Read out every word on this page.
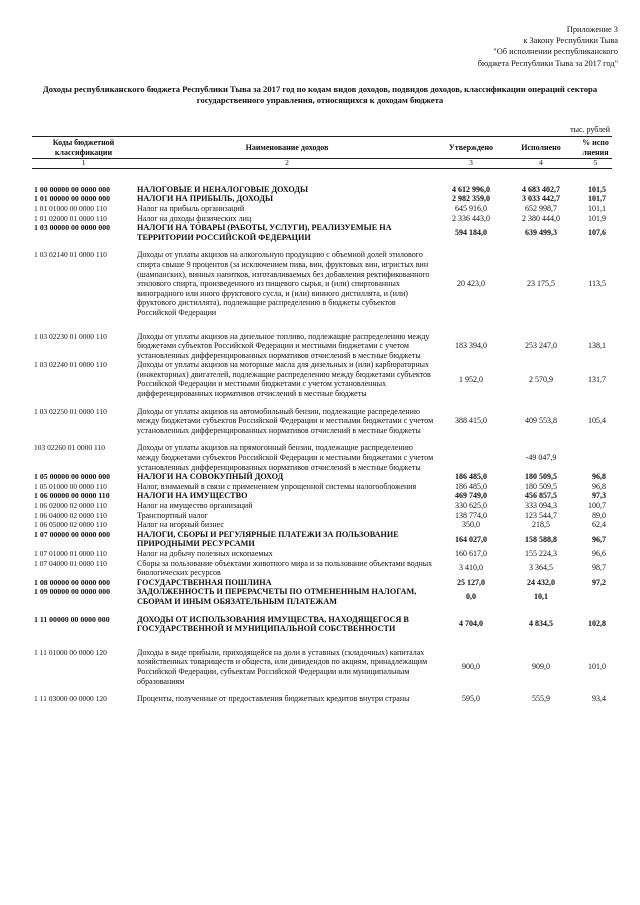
Приложение 3
к Закону Республики Тыва
"Об исполнении республиканского
бюджета Республики Тыва за 2017 год"
Доходы республиканского бюджета Республики Тыва за 2017 год по кодам видов доходов, подвидов доходов, классификации операций сектора государственного управления, относящихся к доходам бюджета
тыс. рублей
Коды бюджетной классификации	Наименование доходов	Утверждено	Исполнено	% исполнения
1	2	3	4	5

1 00 00000 00 0000 000	НАЛОГОВЫЕ И НЕНАЛОГОВЫЕ ДОХОДЫ	4 612 996,0	4 683 402,7	101,5
1 01 00000 00 0000 000	НАЛОГИ НА ПРИБЫЛЬ, ДОХОДЫ	2 982 359,0	3 033 442,7	101,7
1 01 01000 00 0000 110	Налог на прибыль организаций	645 916,0	652 998,7	101,1
1 01 02000 01 0000 110	Налог на доходы физических лиц	2 336 443,0	2 380 444,0	101,9
1 03 00000 00 0000 000	НАЛОГИ НА ТОВАРЫ (РАБОТЫ, УСЛУГИ), РЕАЛИЗУЕМЫЕ НА ТЕРРИТОРИИ РОССИЙСКОЙ ФЕДЕРАЦИИ	594 184,0	639 499,3	107,6
1 03 02140 01 0000 110	Доходы от уплаты акцизов на алкогольную продукцию с объемной долей этилового спирта свыше 9 процентов (за исключением пива, вин, фруктовых вин, игристых вин (шампанских), винных напитков, изготавливаемых без добавления ректификованного этилового спирта, произведенного из пищевого сырья, и (или) спиртованных виноградного или иного фруктового сусла, и (или) винного дистиллята, и (или) фруктового дистиллята), подлежащие распределению в бюджеты субъектов Российской Федерации	20 423,0	23 175,5	113,5
1 03 02230 01 0000 110	Доходы от уплаты акцизов на дизельное топливо, подлежащие распределению между бюджетами субъектов Российской Федерации и местными бюджетами с учетом установленных дифференцированных нормативов отчислений в местные бюджеты	183 394,0	253 247,0	138,1
1 03 02240 01 0000 110	Доходы от уплаты акцизов на моторные масла для дизельных и (или) карбюраторных (инжекторных) двигателей, подлежащие распределению между бюджетами субъектов Российской Федерации и местными бюджетами с учетом установленных дифференцированных нормативов отчислений в местные бюджеты	1 952,0	2 570,9	131,7
1 03 02250 01 0000 110	Доходы от уплаты акцизов на автомобильный бензин, подлежащие распределению между бюджетами субъектов Российской Федерации и местными бюджетами с учетом установленных дифференцированных нормативов отчислений в местные бюджеты	388 415,0	409 553,8	105,4
103 02260 01 0000 110	Доходы от уплаты акцизов на прямогонный бензин, подлежащие распределению между бюджетами субъектов Российской Федерации и местными бюджетами с учетом установленных дифференцированных нормативов отчислений в местные бюджеты		-49 047,9	
1 05 00000 00 0000 000	НАЛОГИ НА СОВОКУПНЫЙ ДОХОД	186 485,0	180 509,5	96,8
1 05 01000 00 0000 110	Налог, взимаемый в связи с применением упрощенной системы налогообложения	186 485,0	180 509,5	96,8
1 06 00000 00 0000 110	НАЛОГИ НА ИМУЩЕСТВО	469 749,0	456 857,5	97,3
1 06 02000 02 0000 110	Налог на имущество организаций	330 625,0	333 094,3	100,7
1 06 04000 02 0000 110	Транспортный налог	138 774,0	123 544,7	89,0
1 06 05000 02 0000 110	Налог на игорный бизнес	350,0	218,5	62,4
1 07 00000 00 0000 000	НАЛОГИ, СБОРЫ И РЕГУЛЯРНЫЕ ПЛАТЕЖИ ЗА ПОЛЬЗОВАНИЕ ПРИРОДНЫМИ РЕСУРСАМИ	164 027,0	158 588,8	96,7
1 07 01000 01 0000 110	Налог на добычу полезных ископаемых	160 617,0	155 224,3	96,6
1 07 04000 01 0000 110	Сборы за пользование объектами животного мира и за пользование объектами водных биологических ресурсов	3 410,0	3 364,5	98,7
1 08 00000 00 0000 000	ГОСУДАРСТВЕННАЯ ПОШЛИНА	25 127,0	24 432,0	97,2
1 09 00000 00 0000 000	ЗАДОЛЖЕННОСТЬ И ПЕРЕРАСЧЕТЫ ПО ОТМЕНЕННЫМ НАЛОГАМ, СБОРАМ И ИНЫМ ОБЯЗАТЕЛЬНЫМ ПЛАТЕЖАМ	0,0	10,1	
1 11 00000 00 0000 000	ДОХОДЫ ОТ ИСПОЛЬЗОВАНИЯ ИМУЩЕСТВА, НАХОДЯЩЕГОСЯ В ГОСУДАРСТВЕННОЙ И МУНИЦИПАЛЬНОЙ СОБСТВЕННОСТИ	4 704,0	4 834,5	102,8
1 11 01000 00 0000 120	Доходы в виде прибыли, приходящейся на доли в уставных (складочных) капиталах хозяйственных товариществ и обществ, или дивидендов по акциям, принадлежащим Российской Федерации, субъектам Российской Федерации или муниципальным образованиям	900,0	909,0	101,0
1 11 03000 00 0000 120	Проценты, полученные от предоставления бюджетных кредитов внутри страны	595,0	555,9	93,4
